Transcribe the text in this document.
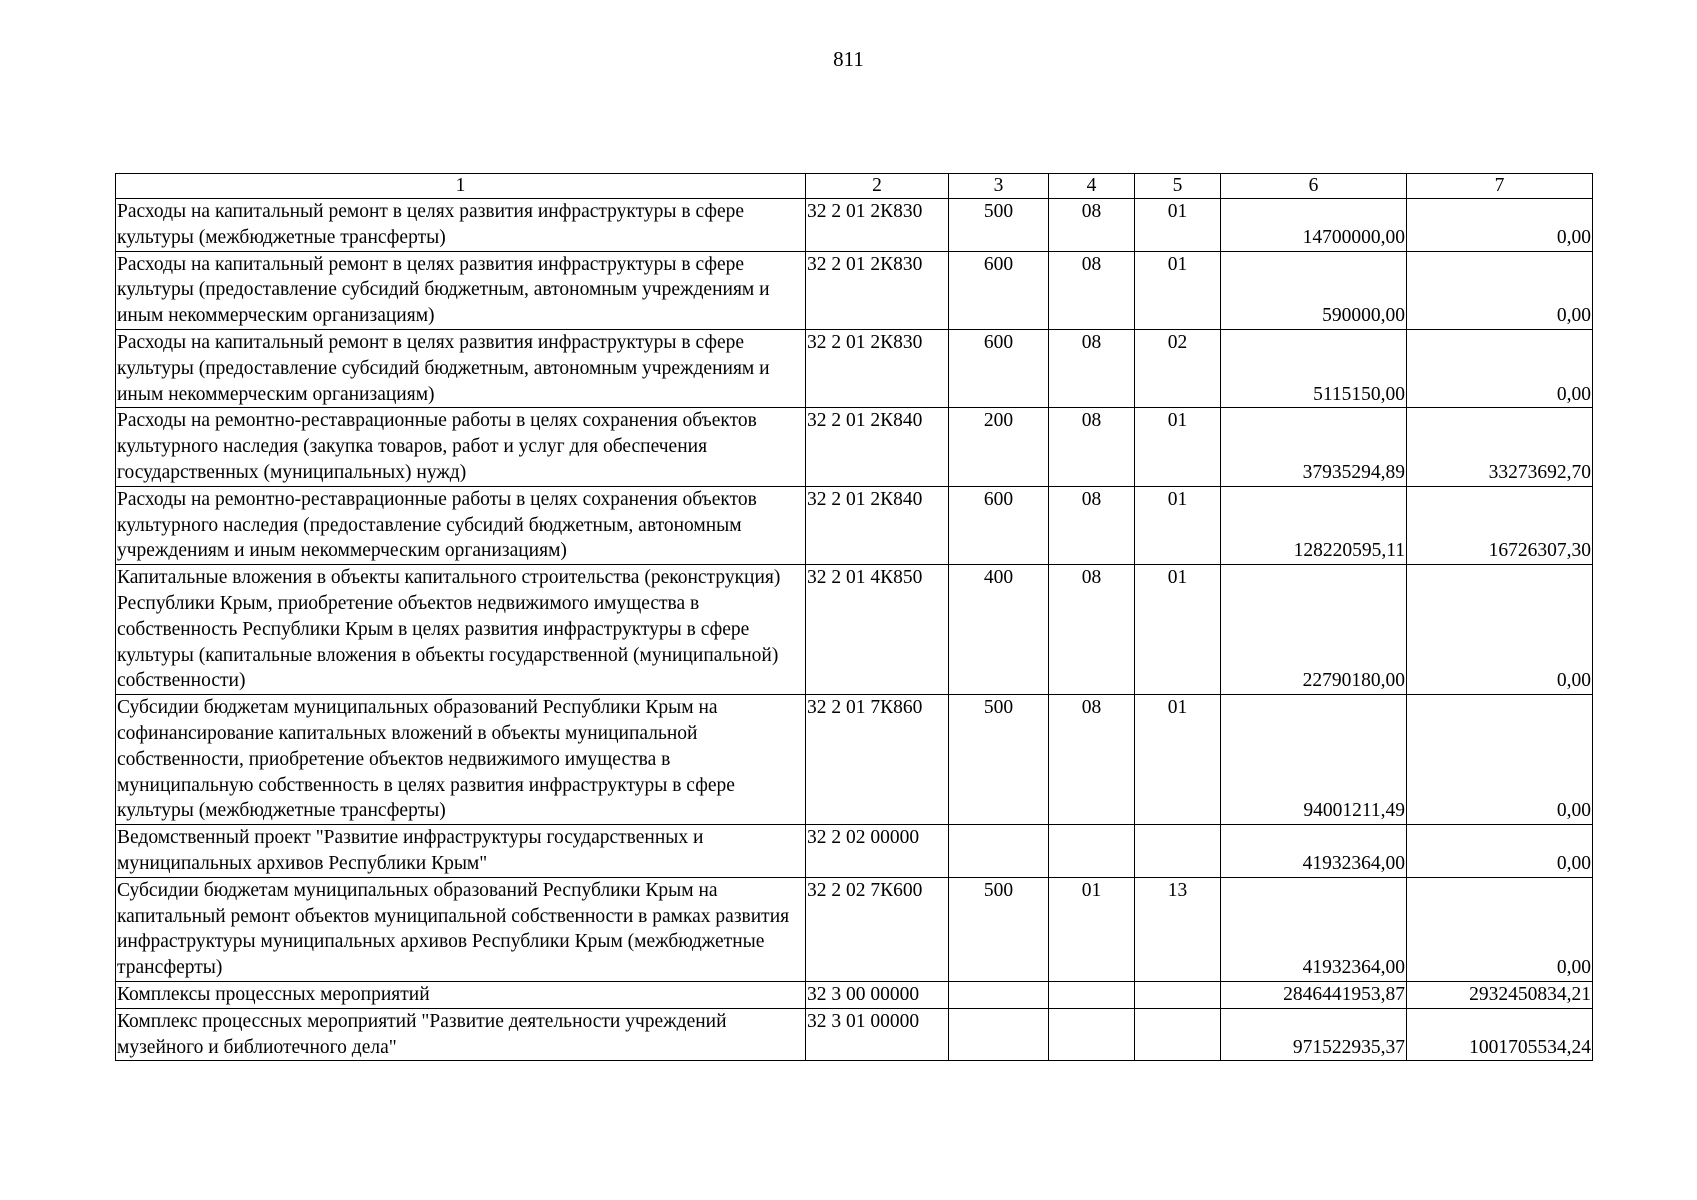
811
1	2	3	4	5	6	7
Расходы на капитальный ремонт в целях развития инфраструктуры в сфере культуры (межбюджетные трансферты)	32 2 01 2К830	500	08	01	14700000,00	0,00
Расходы на капитальный ремонт в целях развития инфраструктуры в сфере культуры (предоставление субсидий бюджетным, автономным учреждениям и иным некоммерческим организациям)	32 2 01 2К830	600	08	01	590000,00	0,00
Расходы на капитальный ремонт в целях развития инфраструктуры в сфере культуры (предоставление субсидий бюджетным, автономным учреждениям и иным некоммерческим организациям)	32 2 01 2К830	600	08	02	5115150,00	0,00
Расходы на ремонтно-реставрационные работы в целях сохранения объектов культурного наследия (закупка товаров, работ и услуг для обеспечения государственных (муниципальных) нужд)	32 2 01 2К840	200	08	01	37935294,89	33273692,70
Расходы на ремонтно-реставрационные работы в целях сохранения объектов культурного наследия (предоставление субсидий бюджетным, автономным учреждениям и иным некоммерческим организациям)	32 2 01 2К840	600	08	01	128220595,11	16726307,30
Капитальные вложения в объекты капитального строительства (реконструкция) Республики Крым, приобретение объектов недвижимого имущества в собственность Республики Крым в целях развития инфраструктуры в сфере культуры (капитальные вложения в объекты государственной (муниципальной) собственности)	32 2 01 4К850	400	08	01	22790180,00	0,00
Субсидии бюджетам муниципальных образований Республики Крым на софинансирование капитальных вложений в объекты муниципальной собственности, приобретение объектов недвижимого имущества в муниципальную собственность в целях развития инфраструктуры в сфере культуры (межбюджетные трансферты)	32 2 01 7К860	500	08	01	94001211,49	0,00
Ведомственный проект "Развитие инфраструктуры государственных и муниципальных архивов Республики Крым"	32 2 02 00000				41932364,00	0,00
Субсидии бюджетам муниципальных образований Республики Крым на капитальный ремонт объектов муниципальной собственности в рамках развития инфраструктуры муниципальных архивов Республики Крым (межбюджетные трансферты)	32 2 02 7К600	500	01	13	41932364,00	0,00
Комплексы процессных мероприятий	32 3 00 00000				2846441953,87	2932450834,21
Комплекс процессных мероприятий "Развитие деятельности учреждений музейного и библиотечного дела"	32 3 01 00000				971522935,37	1001705534,24
